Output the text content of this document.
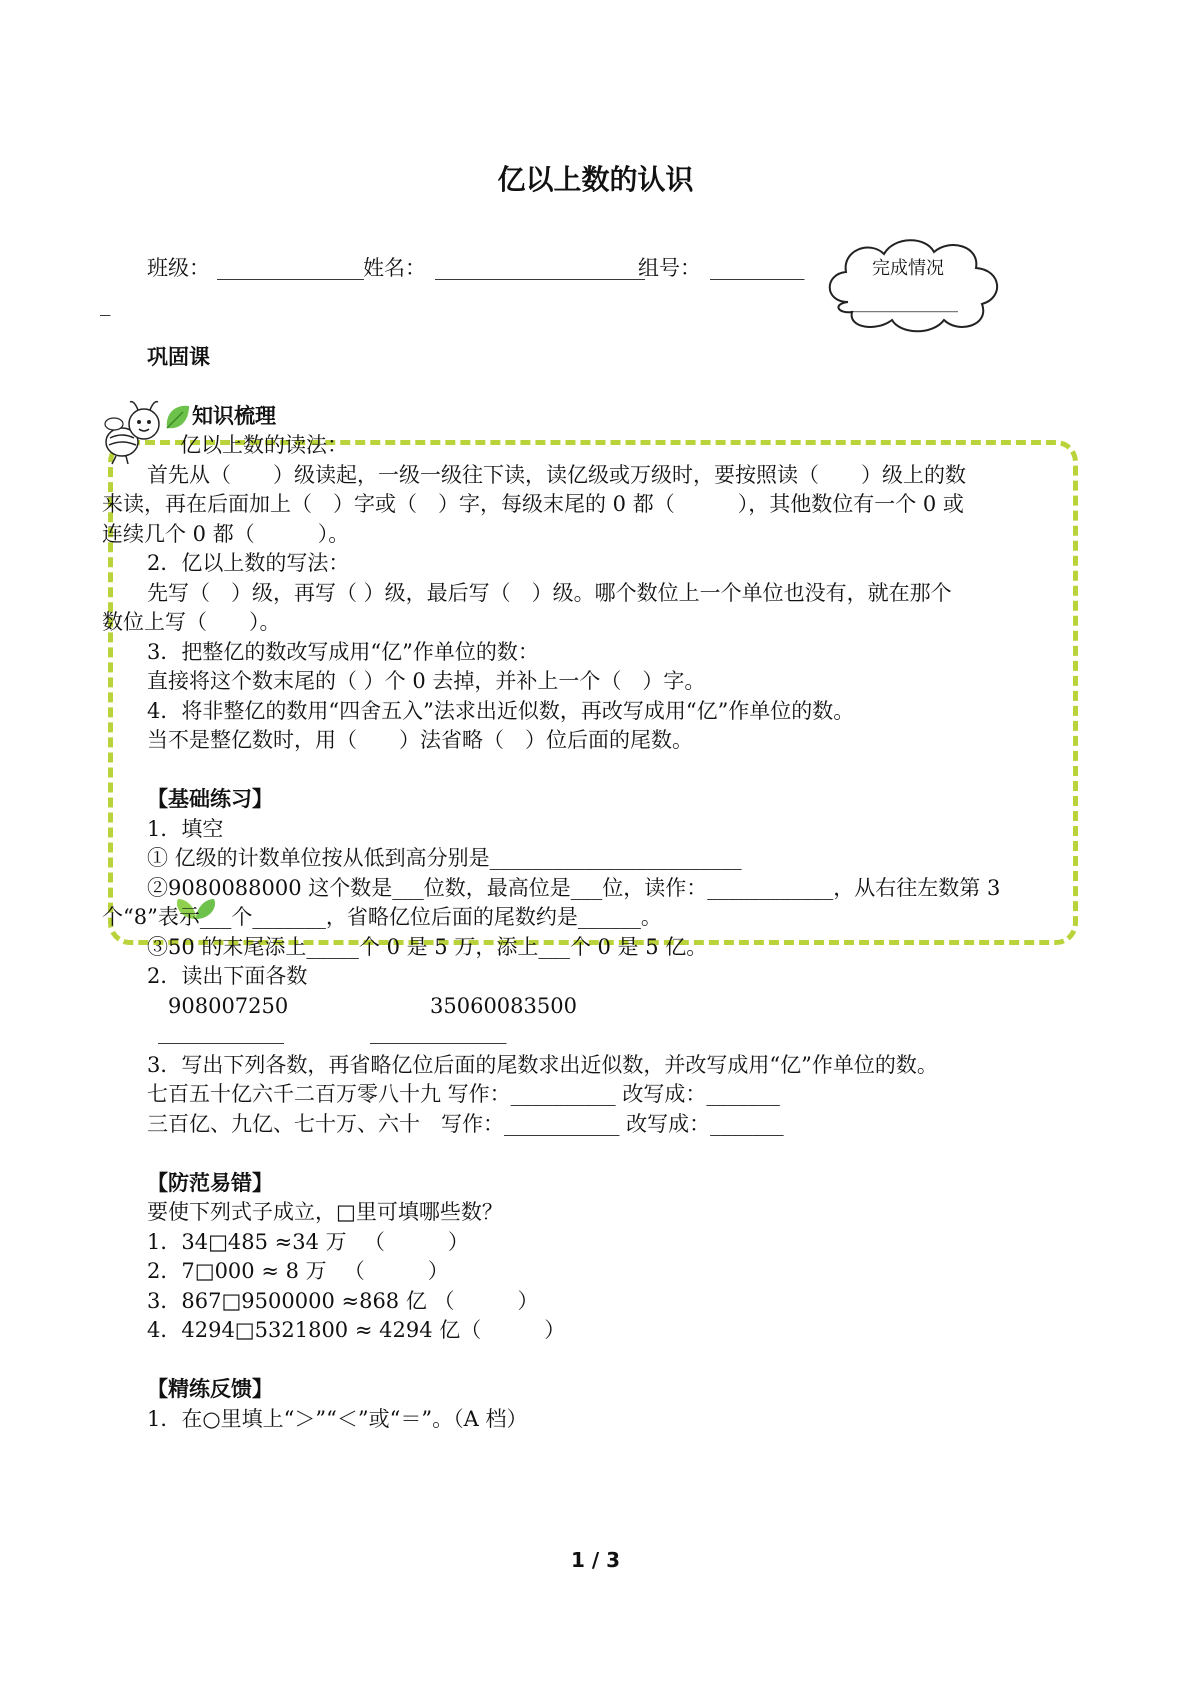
亿以上数的认识
班级： ______________ 姓名： ____________________
组号： _________
_
完成情况
____________
巩固课
知识梳理
亿以上数的读法：
首先从（　　）级读起，一级一级往下读，读亿级或万级时，要按照读（　　）级上的数
来读，再在后面加上（　）字或（　）字，每级末尾的 0 都（　　　），其他数位有一个 0 或
连续几个 0 都（　　　）。
2．亿以上数的写法：
先写（　）级，再写（ ）级，最后写（　）级。哪个数位上一个单位也没有，就在那个
数位上写（　　）。
3．把整亿的数改写成用“亿”作单位的数：
直接将这个数末尾的（ ）个 0 去掉，并补上一个（　）字。
4．将非整亿的数用“四舍五入”法求出近似数，再改写成用“亿”作单位的数。
当不是整亿数时，用（　　）法省略（　）位后面的尾数。
【基础练习】
1．填空
① 亿级的计数单位按从低到高分别是________________________
②9080088000 这个数是___位数，最高位是___位，读作：____________，从右往左数第 3
个“8”表示___个_______，省略亿位后面的尾数约是______。
③50 的末尾添上_____个 0 是 5 万，添上___个 0 是 5 亿。
2．读出下面各数
908007250	35060083500
____________	_____________
3．写出下列各数，再省略亿位后面的尾数求出近似数，并改写成用“亿”作单位的数。
七百五十亿六千二百万零八十九 写作：__________ 改写成：_______
三百亿、九亿、七十万、六十　写作：___________ 改写成：_______
【防范易错】
要使下列式子成立，□里可填哪些数？
1．34□485 ≈34 万 　（　　　）
2．7□000 ≈ 8 万 　（　　　）
3．867□9500000 ≈868 亿 （　　　）
4．4294□5321800 ≈ 4294 亿（　　　）
【精练反馈】
1．在○里填上“＞”“＜”或“＝”。（A 档）
1 / 3
